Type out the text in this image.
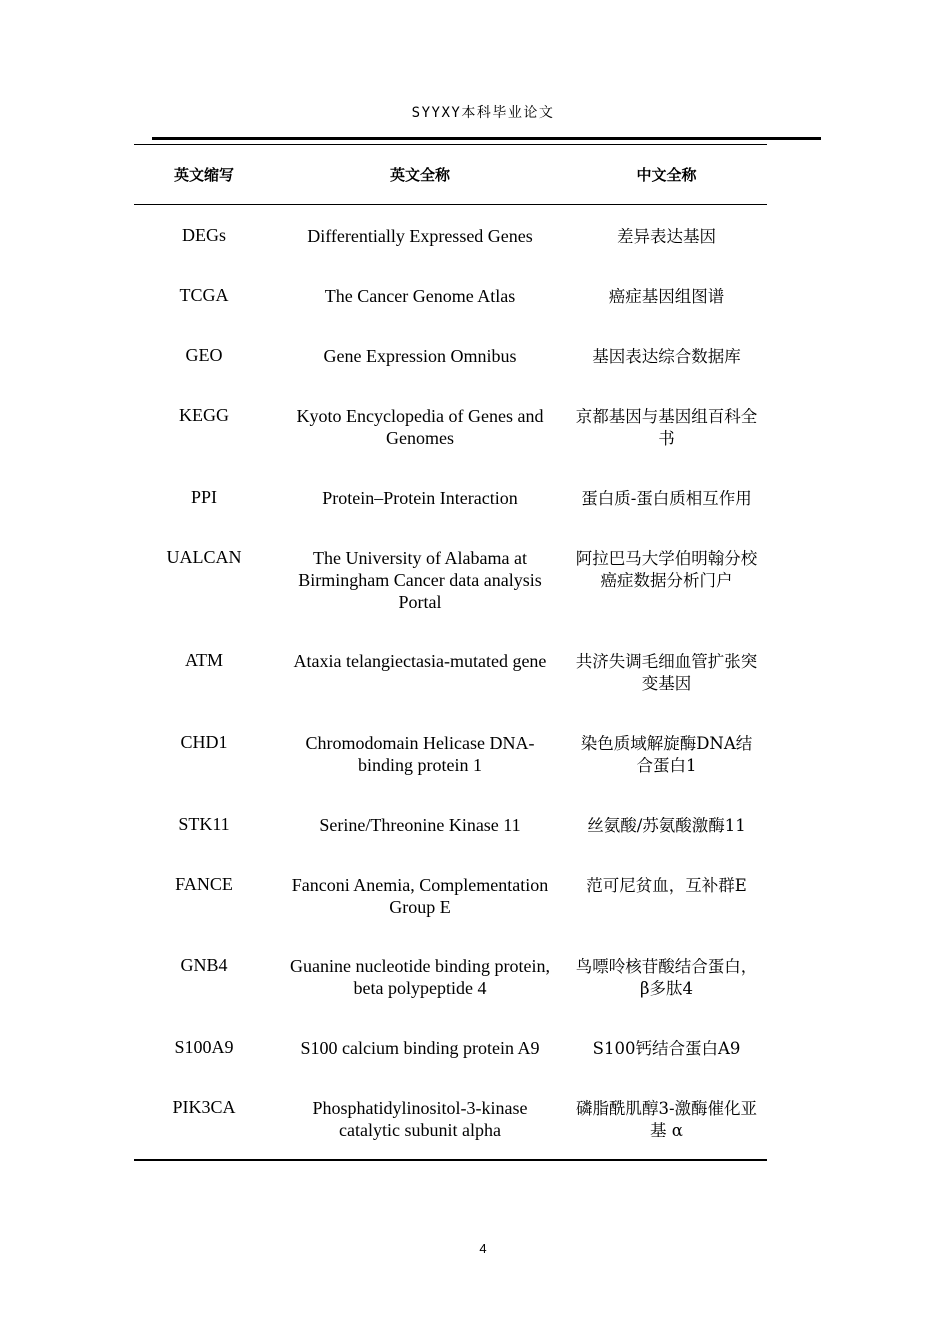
SYYXY本科毕业论文
英文缩写	英文全称	中文全称
DEGs	Differentially Expressed Genes	差异表达基因
TCGA	The Cancer Genome Atlas	癌症基因组图谱
GEO	Gene Expression Omnibus	基因表达综合数据库
KEGG	Kyoto Encyclopedia of Genes and Genomes	京都基因与基因组百科全书
PPI	Protein–Protein Interaction	蛋白质-蛋白质相互作用
UALCAN	The University of Alabama at Birmingham Cancer data analysis Portal	阿拉巴马大学伯明翰分校癌症数据分析门户
ATM	Ataxia telangiectasia-mutated gene	共济失调毛细血管扩张突变基因
CHD1	Chromodomain Helicase DNA-binding protein 1	染色质域解旋酶DNA结合蛋白1
STK11	Serine/Threonine Kinase 11	丝氨酸/苏氨酸激酶11
FANCE	Fanconi Anemia, Complementation Group E	范可尼贫血，互补群E
GNB4	Guanine nucleotide binding protein, beta polypeptide 4	鸟嘌呤核苷酸结合蛋白，β多肽4
S100A9	S100 calcium binding protein A9	S100钙结合蛋白A9
PIK3CA	Phosphatidylinositol-3-kinase catalytic subunit alpha	磷脂酰肌醇3-激酶催化亚基 α
4
